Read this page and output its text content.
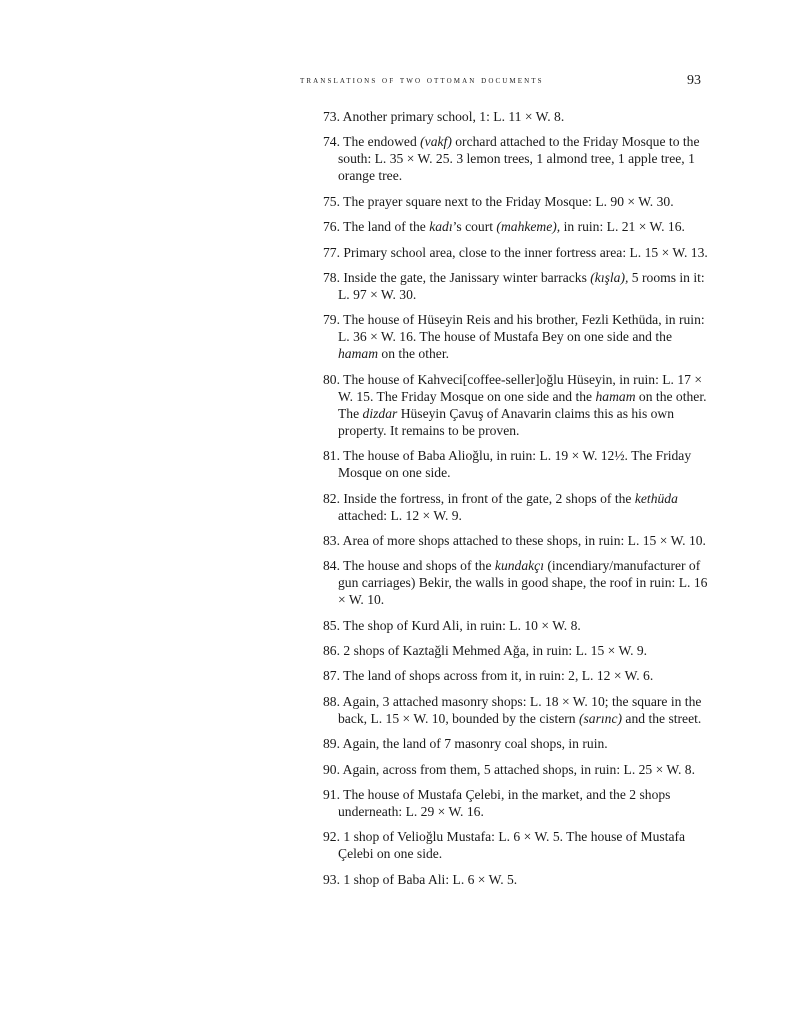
translations of two ottoman documents	93
73. Another primary school, 1: L. 11 × W. 8.
74. The endowed (vakf) orchard attached to the Friday Mosque to the south: L. 35 × W. 25. 3 lemon trees, 1 almond tree, 1 apple tree, 1 orange tree.
75. The prayer square next to the Friday Mosque: L. 90 × W. 30.
76. The land of the kadı’s court (mahkeme), in ruin: L. 21 × W. 16.
77. Primary school area, close to the inner fortress area: L. 15 × W. 13.
78. Inside the gate, the Janissary winter barracks (kışla), 5 rooms in it: L. 97 × W. 30.
79. The house of Hüseyin Reis and his brother, Fezli Kethüda, in ruin: L. 36 × W. 16. The house of Mustafa Bey on one side and the hamam on the other.
80. The house of Kahveci[coffee-seller]oğlu Hüseyin, in ruin: L. 17 × W. 15. The Friday Mosque on one side and the hamam on the other. The dizdar Hüseyin Çavuş of Anavarin claims this as his own property. It remains to be proven.
81. The house of Baba Alioğlu, in ruin: L. 19 × W. 12½. The Friday Mosque on one side.
82. Inside the fortress, in front of the gate, 2 shops of the kethüda attached: L. 12 × W. 9.
83. Area of more shops attached to these shops, in ruin: L. 15 × W. 10.
84. The house and shops of the kundakçı (incendiary/manufacturer of gun carriages) Bekir, the walls in good shape, the roof in ruin: L. 16 × W. 10.
85. The shop of Kurd Ali, in ruin: L. 10 × W. 8.
86. 2 shops of Kaztağli Mehmed Ağa, in ruin: L. 15 × W. 9.
87. The land of shops across from it, in ruin: 2, L. 12 × W. 6.
88. Again, 3 attached masonry shops: L. 18 × W. 10; the square in the back, L. 15 × W. 10, bounded by the cistern (sarınc) and the street.
89. Again, the land of 7 masonry coal shops, in ruin.
90. Again, across from them, 5 attached shops, in ruin: L. 25 × W. 8.
91. The house of Mustafa Çelebi, in the market, and the 2 shops underneath: L. 29 × W. 16.
92. 1 shop of Velioğlu Mustafa: L. 6 × W. 5. The house of Mustafa Çelebi on one side.
93. 1 shop of Baba Ali: L. 6 × W. 5.
